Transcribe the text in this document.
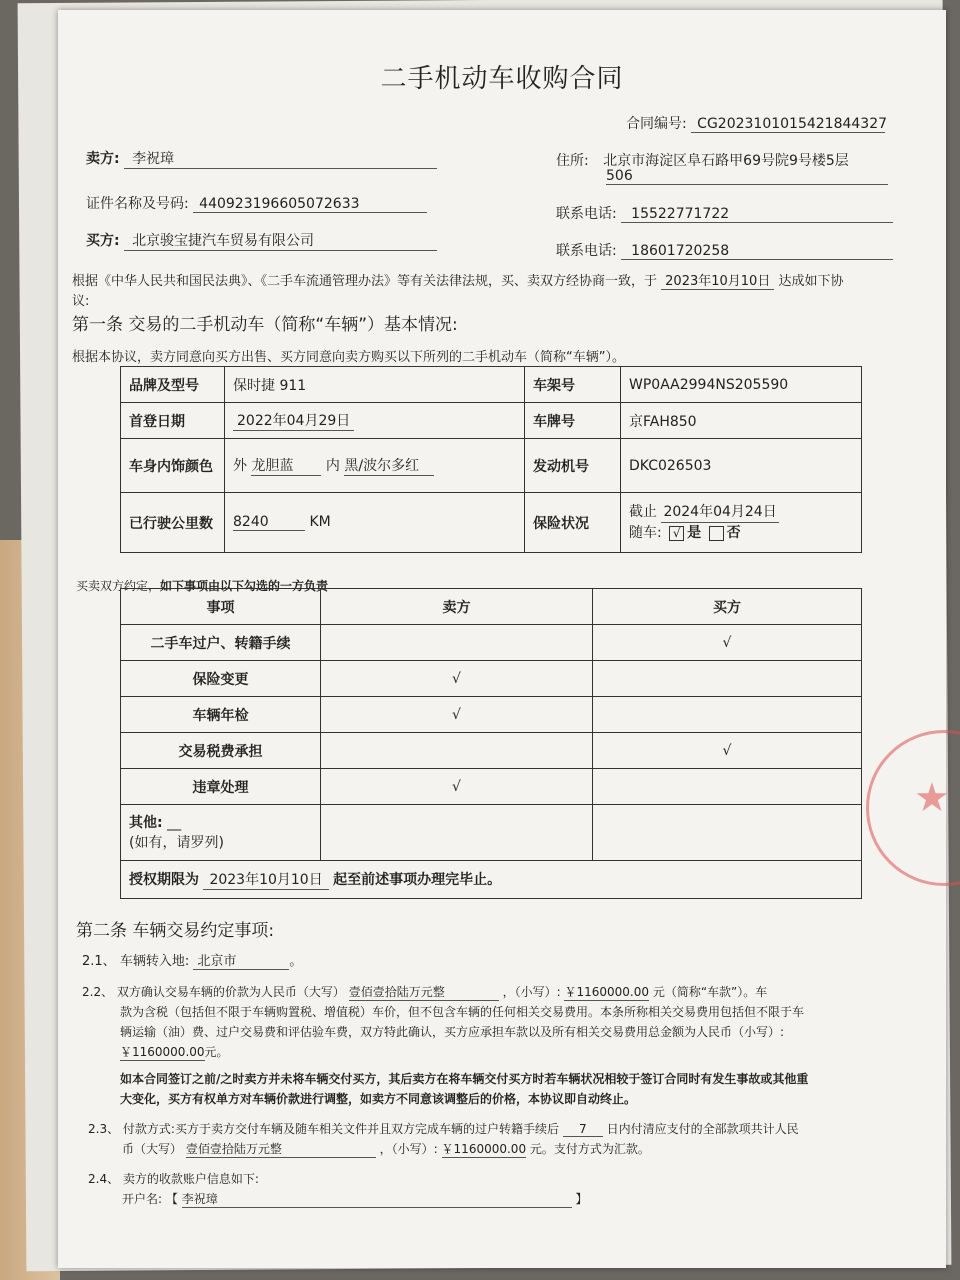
二手机动车收购合同
合同编号: CG2023101015421844327
卖方: 李祝璋	住所: 北京市海淀区阜石路甲69号院9号楼5层
506
证件名称及号码: 440923196605072633
联系电话: 15522771722
买方: 北京骏宝捷汽车贸易有限公司
联系电话: 18601720258
根据《中华人民共和国民法典》、《二手车流通管理办法》等有关法律法规，买、卖双方经协商一致，于 2023年10月10日 达成如下协
议:
第一条 交易的二手机动车（简称“车辆”）基本情况:
根据本协议，卖方同意向买方出售、买方同意向卖方购买以下所列的二手机动车（简称“车辆”）。
品牌及型号	保时捷 911	车架号	WP0AA2994NS205590
首登日期	2022年04月29日	车牌号	京FAH850
车身内饰颜色	外 龙胆蓝 内 黑/波尔多红	发动机号	DKC026503
已行驶公里数	8240 KM	保险状况	截止 2024年04月24日
随车: √ 是 否
买卖双方约定，如下事项由以下勾选的一方负责
事项	卖方	买方
二手车过户、转籍手续		√
保险变更	√	
车辆年检	√	
交易税费承担		√
违章处理	√	
其他: __
(如有，请罗列)		
授权期限为 2023年10月10日 起至前述事项办理完毕止。		
第二条 车辆交易约定事项:
2.1、 车辆转入地: 北京市	。
2.2、 双方确认交易车辆的价款为人民币（大写） 壹佰壹拾陆万元整	，（小写）: ￥1160000.00 元（简称“车款”）。车
款为含税（包括但不限于车辆购置税、增值税）车价，但不包含车辆的任何相关交易费用。本条所称相关交易费用包括但不限于车
辆运输（油）费、过户交易费和评估验车费，双方特此确认，买方应承担车款以及所有相关交易费用总金额为人民币（小写）:
￥1160000.00元。
如本合同签订之前/之时卖方并未将车辆交付买方，其后卖方在将车辆交付买方时若车辆状况相较于签订合同时有发生事故或其他重
大变化，买方有权单方对车辆价款进行调整，如卖方不同意该调整后的价格，本协议即自动终止。
2.3、 付款方式:买方于卖方交付车辆及随车相关文件并且双方完成车辆的过户转籍手续后 7 日内付清应支付的全部款项共计人民
币（大写） 壹佰壹拾陆万元整	，（小写）: ￥1160000.00 元。支付方式为汇款。
2.4、 卖方的收款账户信息如下:
开户名: 【 李祝璋	】
★
